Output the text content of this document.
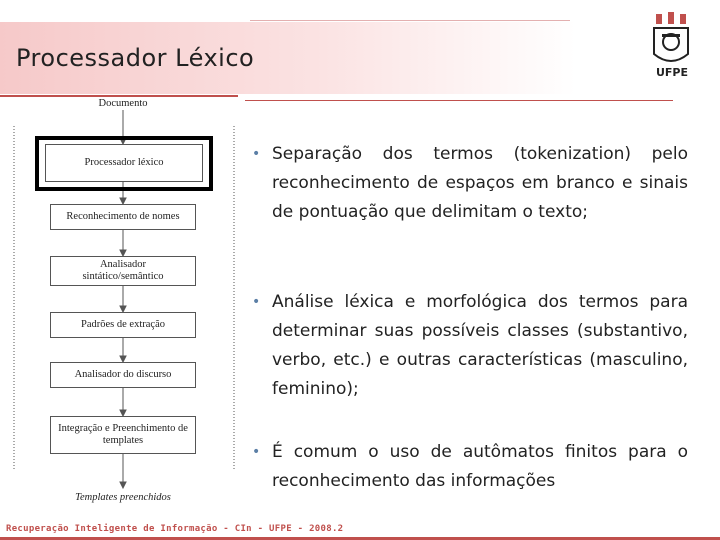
Processador Léxico
UFPE
Documento
Processador léxico
Reconhecimento de nomes
Analisador sintático/semântico
Padrões de extração
Analisador do discurso
Integração e Preenchimento de templates
Templates preenchidos
• Separação dos termos (tokenization) pelo reconhecimento de espaços em branco e sinais de pontuação que delimitam o texto;
• Análise léxica e morfológica dos termos para determinar suas possíveis classes (substantivo, verbo, etc.) e outras características (masculino, feminino);
• É comum o uso de autômatos finitos para o reconhecimento das informações
Recuperação Inteligente de Informação - CIn - UFPE - 2008.2
